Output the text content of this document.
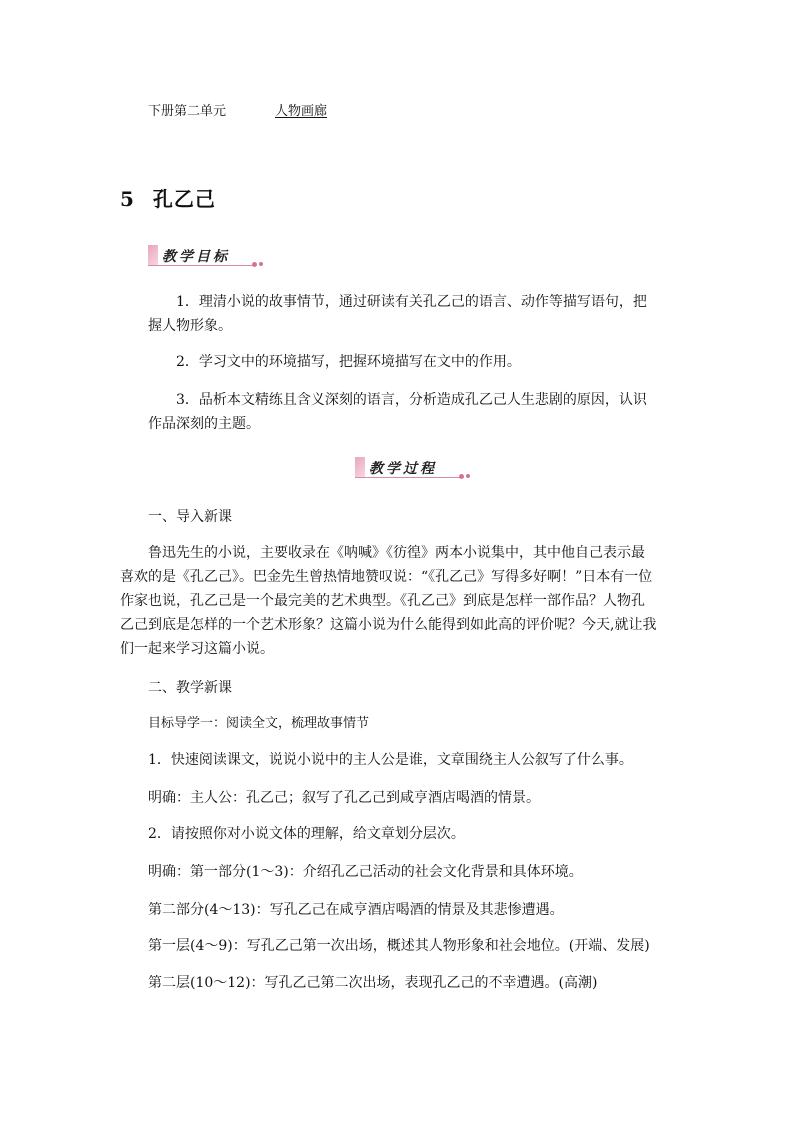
下册第二单元	人物画廊
5 孔乙己
教学目标

1．理清小说的故事情节，通过研读有关孔乙己的语言、动作等描写语句，把握人物形象。

2．学习文中的环境描写，把握环境描写在文中的作用。

3．品析本文精练且含义深刻的语言，分析造成孔乙己人生悲剧的原因，认识作品深刻的主题。

教学过程

一、导入新课

鲁迅先生的小说，主要收录在《呐喊》《彷徨》两本小说集中，其中他自己表示最喜欢的是《孔乙己》。巴金先生曾热情地赞叹说：“《孔乙己》写得多好啊！”日本有一位作家也说，孔乙己是一个最完美的艺术典型。《孔乙己》到底是怎样一部作品？人物孔乙己到底是怎样的一个艺术形象？这篇小说为什么能得到如此高的评价呢？今天,就让我们一起来学习这篇小说。

二、教学新课

目标导学一：阅读全文，梳理故事情节

1．快速阅读课文，说说小说中的主人公是谁，文章围绕主人公叙写了什么事。

明确：主人公：孔乙己；叙写了孔乙己到咸亨酒店喝酒的情景。

2．请按照你对小说文体的理解，给文章划分层次。

明确：第一部分(1～3)：介绍孔乙己活动的社会文化背景和具体环境。

第二部分(4～13)：写孔乙己在咸亨酒店喝酒的情景及其悲惨遭遇。

第一层(4～9)：写孔乙己第一次出场，概述其人物形象和社会地位。(开端、发展)

第二层(10～12)：写孔乙己第二次出场，表现孔乙己的不幸遭遇。(高潮)
